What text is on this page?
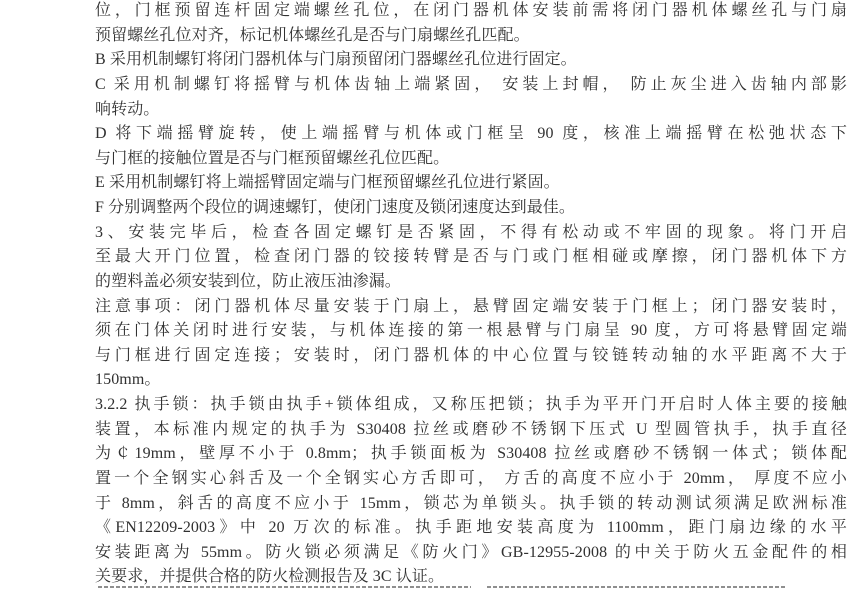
位，门框预留连杆固定端螺丝孔位，在闭门器机体安装前需将闭门器机体螺丝孔与门扇
预留螺丝孔位对齐，标记机体螺丝孔是否与门扇螺丝孔匹配。
B 采用机制螺钉将闭门器机体与门扇预留闭门器螺丝孔位进行固定。
C 采用机制螺钉将摇臂与机体齿轴上端紧固， 安装上封帽， 防止灰尘进入齿轴内部影
响转动。
D 将下端摇臂旋转，使上端摇臂与机体或门框呈 90 度，核准上端摇臂在松弛状态下
与门框的接触位置是否与门框预留螺丝孔位匹配。
E 采用机制螺钉将上端摇臂固定端与门框预留螺丝孔位进行紧固。
F 分别调整两个段位的调速螺钉，使闭门速度及锁闭速度达到最佳。
3、安装完毕后，检查各固定螺钉是否紧固，不得有松动或不牢固的现象。将门开启
至最大开门位置，检查闭门器的铰接转臂是否与门或门框相碰或摩擦，闭门器机体下方
的塑料盖必须安装到位，防止液压油渗漏。
注意事项：闭门器机体尽量安装于门扇上，悬臂固定端安装于门框上；闭门器安装时，
须在门体关闭时进行安装，与机体连接的第一根悬臂与门扇呈 90 度，方可将悬臂固定端
与门框进行固定连接；安装时，闭门器机体的中心位置与铰链转动轴的水平距离不大于
150mm。
3.2.2 执手锁：执手锁由执手+锁体组成，又称压把锁；执手为平开门开启时人体主要的接触
装置，本标准内规定的执手为 S30408 拉丝或磨砂不锈钢下压式 U 型圆管执手，执手直径
为￠19mm，壁厚不小于 0.8mm；执手锁面板为 S30408 拉丝或磨砂不锈钢一体式；锁体配
置一个全钢实心斜舌及一个全钢实心方舌即可， 方舌的高度不应小于 20mm， 厚度不应小
于 8mm，斜舌的高度不应小于 15mm，锁芯为单锁头。执手锁的转动测试须满足欧洲标准
《EN12209-2003》中 20 万次的标准。执手距地安装高度为 1100mm，距门扇边缘的水平
安装距离为 55mm。防火锁必须满足《防火门》GB-12955-2008 的中关于防火五金配件的相
关要求，并提供合格的防火检测报告及 3C 认证。
